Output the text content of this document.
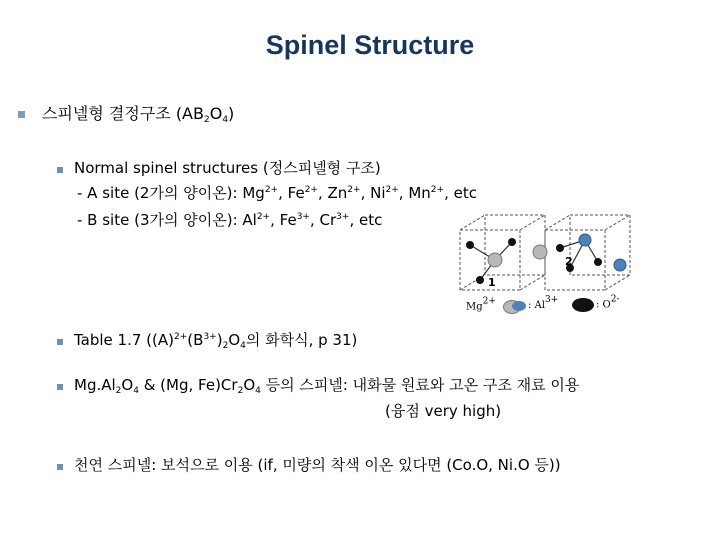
Spinel Structure
스피넬형 결정구조 $(AB_2O_4)$
Normal spinel structures (정스피넬형 구조)
- A site (2가의 양이온): $Mg^{2+}$, $Fe^{2+}$, $Zn^{2+}$, $Ni^{2+}$, $Mn^{2+}$, etc
- B site (3가의 양이온): $Al^{2+}$, $Fe^{3+}$, $Cr^{3+}$, etc
1
2
$Mg^{2+}$	: $Al^{3+}$	: $O^{2-}$
Table 1.7 ($(A)^{2+}(B^{3+})_2O_4$의 화학식, p 31)
$Mg.Al_2O_4$ & (Mg, $Fe)Cr_2O_4$ 등의 스피넬: 내화물 원료와 고온 구조 재료 이용
(융점 very high)
천연 스피넬: 보석으로 이용 (if, 미량의 착색 이온 있다면 (Co.O, Ni.O 등))
